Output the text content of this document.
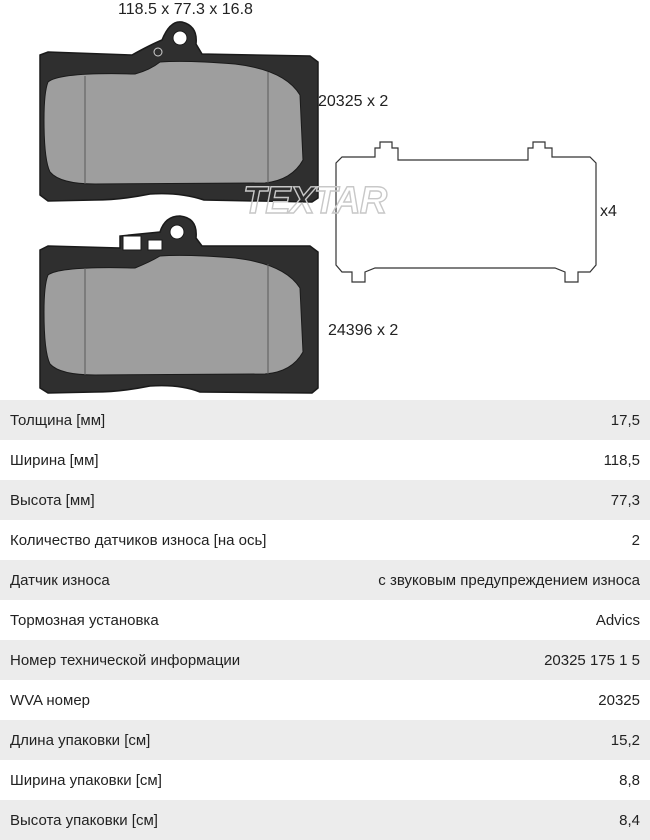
TEXTAR
118.5 x 77.3 x 16.8
20325 x 2
24396 x 2
x4
Толщина [мм]	17,5
Ширина [мм]	118,5
Высота [мм]	77,3
Количество датчиков износа [на ось]	2
Датчик износа	с звуковым предупреждением износа
Тормозная установка	Advics
Номер технической информации	20325 175 1 5
WVA номер	20325
Длина упаковки [см]	15,2
Ширина упаковки [см]	8,8
Высота упаковки [см]	8,4
